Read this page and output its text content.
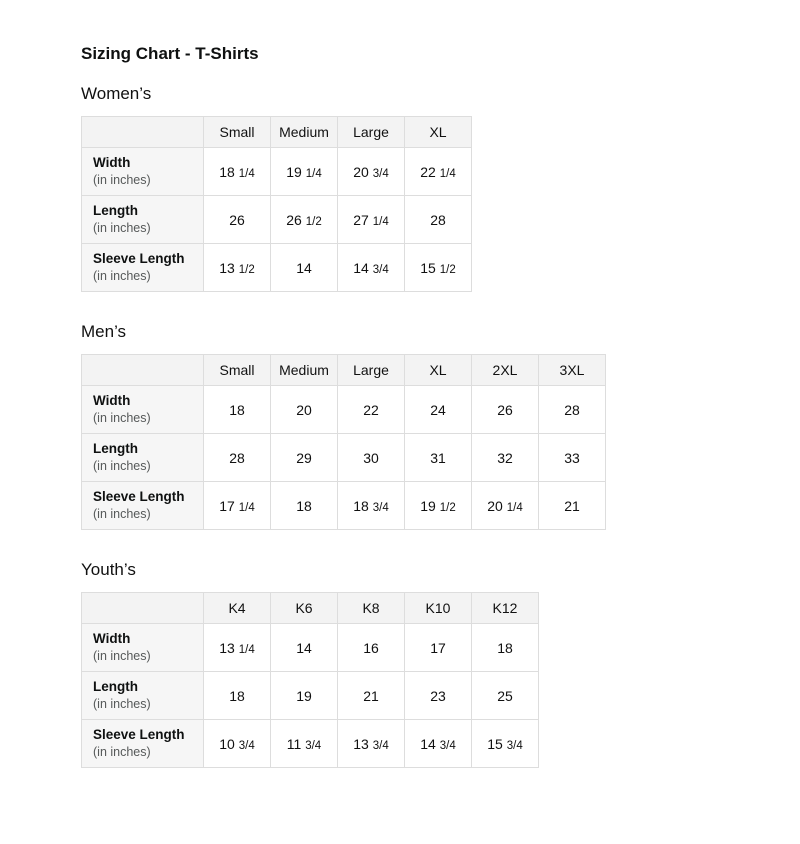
Sizing Chart - T-Shirts
Women’s
	Small	Medium	Large	XL

Width
(in inches)	18 1/4	19 1/4	20 3/4	22 1/4

Length
(in inches)	26	26 1/2	27 1/4	28

Sleeve Length
(in inches)	13 1/2	14	14 3/4	15 1/2
Men’s
	Small	Medium	Large	XL	2XL	3XL

Width
(in inches)	18	20	22	24	26	28

Length
(in inches)	28	29	30	31	32	33

Sleeve Length
(in inches)	17 1/4	18	18 3/4	19 1/2	20 1/4	21
Youth’s
	K4	K6	K8	K10	K12

Width
(in inches)	13 1/4	14	16	17	18

Length
(in inches)	18	19	21	23	25

Sleeve Length
(in inches)	10 3/4	11 3/4	13 3/4	14 3/4	15 3/4
